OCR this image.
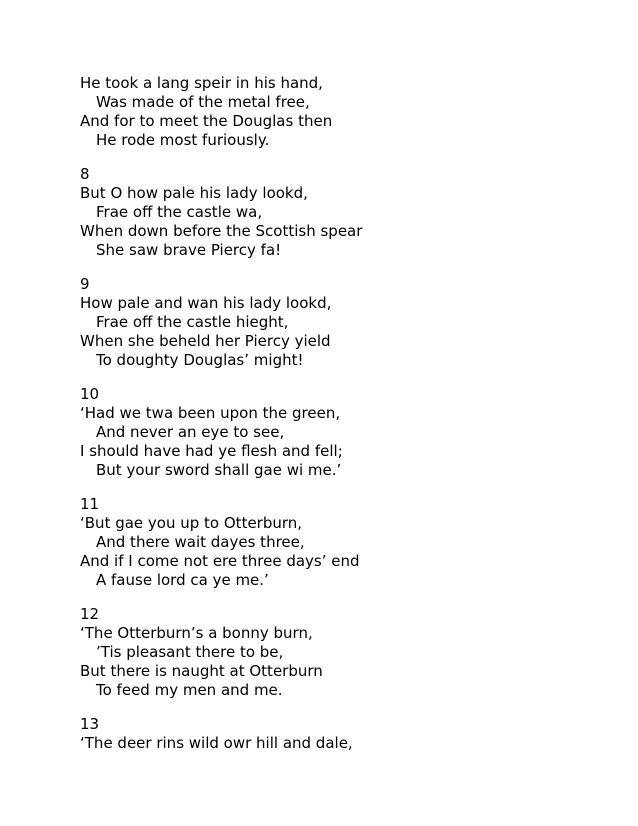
He took a lang speir in his hand,
Was made of the metal free,
And for to meet the Douglas then
He rode most furiously.
8
But O how pale his lady lookd,
Frae off the castle wa,
When down before the Scottish spear
She saw brave Piercy fa!
9
How pale and wan his lady lookd,
Frae off the castle hieght,
When she beheld her Piercy yield
To doughty Douglas’ might!
10
‘Had we twa been upon the green,
And never an eye to see,
I should have had ye flesh and fell;
But your sword shall gae wi me.’
11
‘But gae you up to Otterburn,
And there wait dayes three,
And if I come not ere three days’ end
A fause lord ca ye me.’
12
‘The Otterburn’s a bonny burn,
’Tis pleasant there to be,
But there is naught at Otterburn
To feed my men and me.
13
‘The deer rins wild owr hill and dale,
